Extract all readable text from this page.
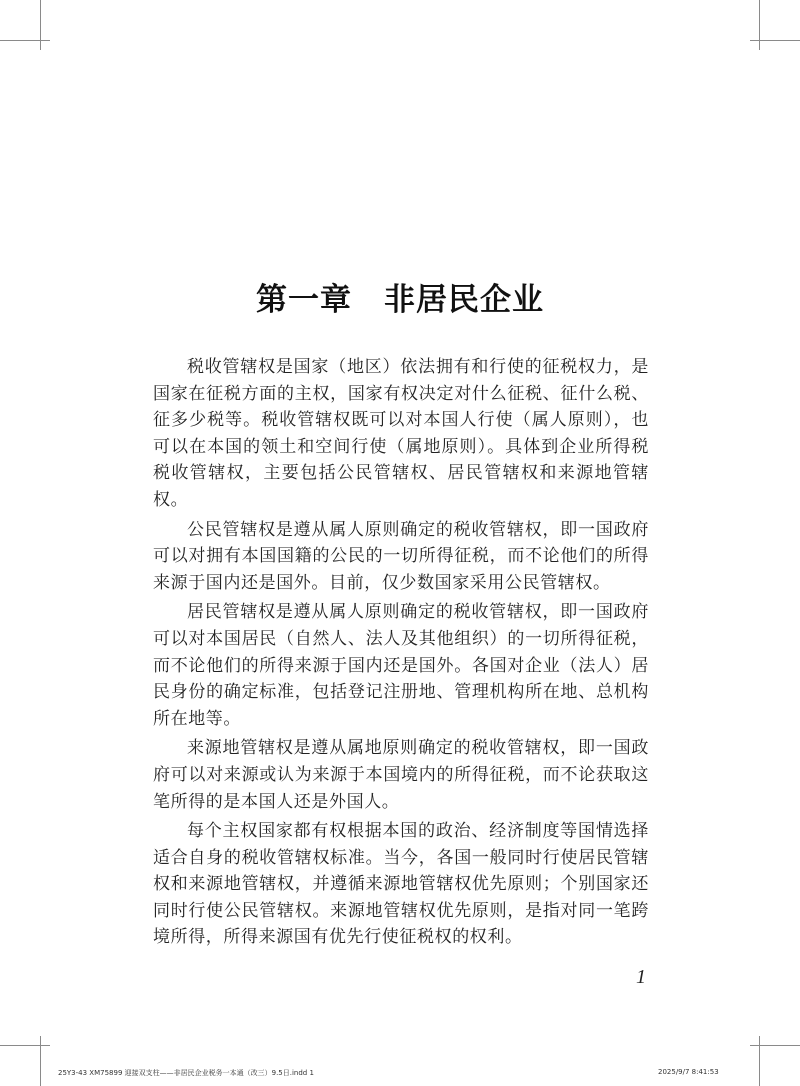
第一章　非居民企业

税收管辖权是国家（地区）依法拥有和行使的征税权力，是国家在征税方面的主权，国家有权决定对什么征税、征什么税、征多少税等。税收管辖权既可以对本国人行使（属人原则），也可以在本国的领土和空间行使（属地原则）。具体到企业所得税税收管辖权，主要包括公民管辖权、居民管辖权和来源地管辖权。

公民管辖权是遵从属人原则确定的税收管辖权，即一国政府可以对拥有本国国籍的公民的一切所得征税，而不论他们的所得来源于国内还是国外。目前，仅少数国家采用公民管辖权。

居民管辖权是遵从属人原则确定的税收管辖权，即一国政府可以对本国居民（自然人、法人及其他组织）的一切所得征税，而不论他们的所得来源于国内还是国外。各国对企业（法人）居民身份的确定标准，包括登记注册地、管理机构所在地、总机构所在地等。

来源地管辖权是遵从属地原则确定的税收管辖权，即一国政府可以对来源或认为来源于本国境内的所得征税，而不论获取这笔所得的是本国人还是外国人。

每个主权国家都有权根据本国的政治、经济制度等国情选择适合自身的税收管辖权标准。当今，各国一般同时行使居民管辖权和来源地管辖权，并遵循来源地管辖权优先原则；个别国家还同时行使公民管辖权。来源地管辖权优先原则，是指对同一笔跨境所得，所得来源国有优先行使征税权的权利。

1
25Y3-43 XM75899 迎接双支柱——非居民企业税务一本通（改三）9.5日.indd 1	2025/9/7 8:41:53
